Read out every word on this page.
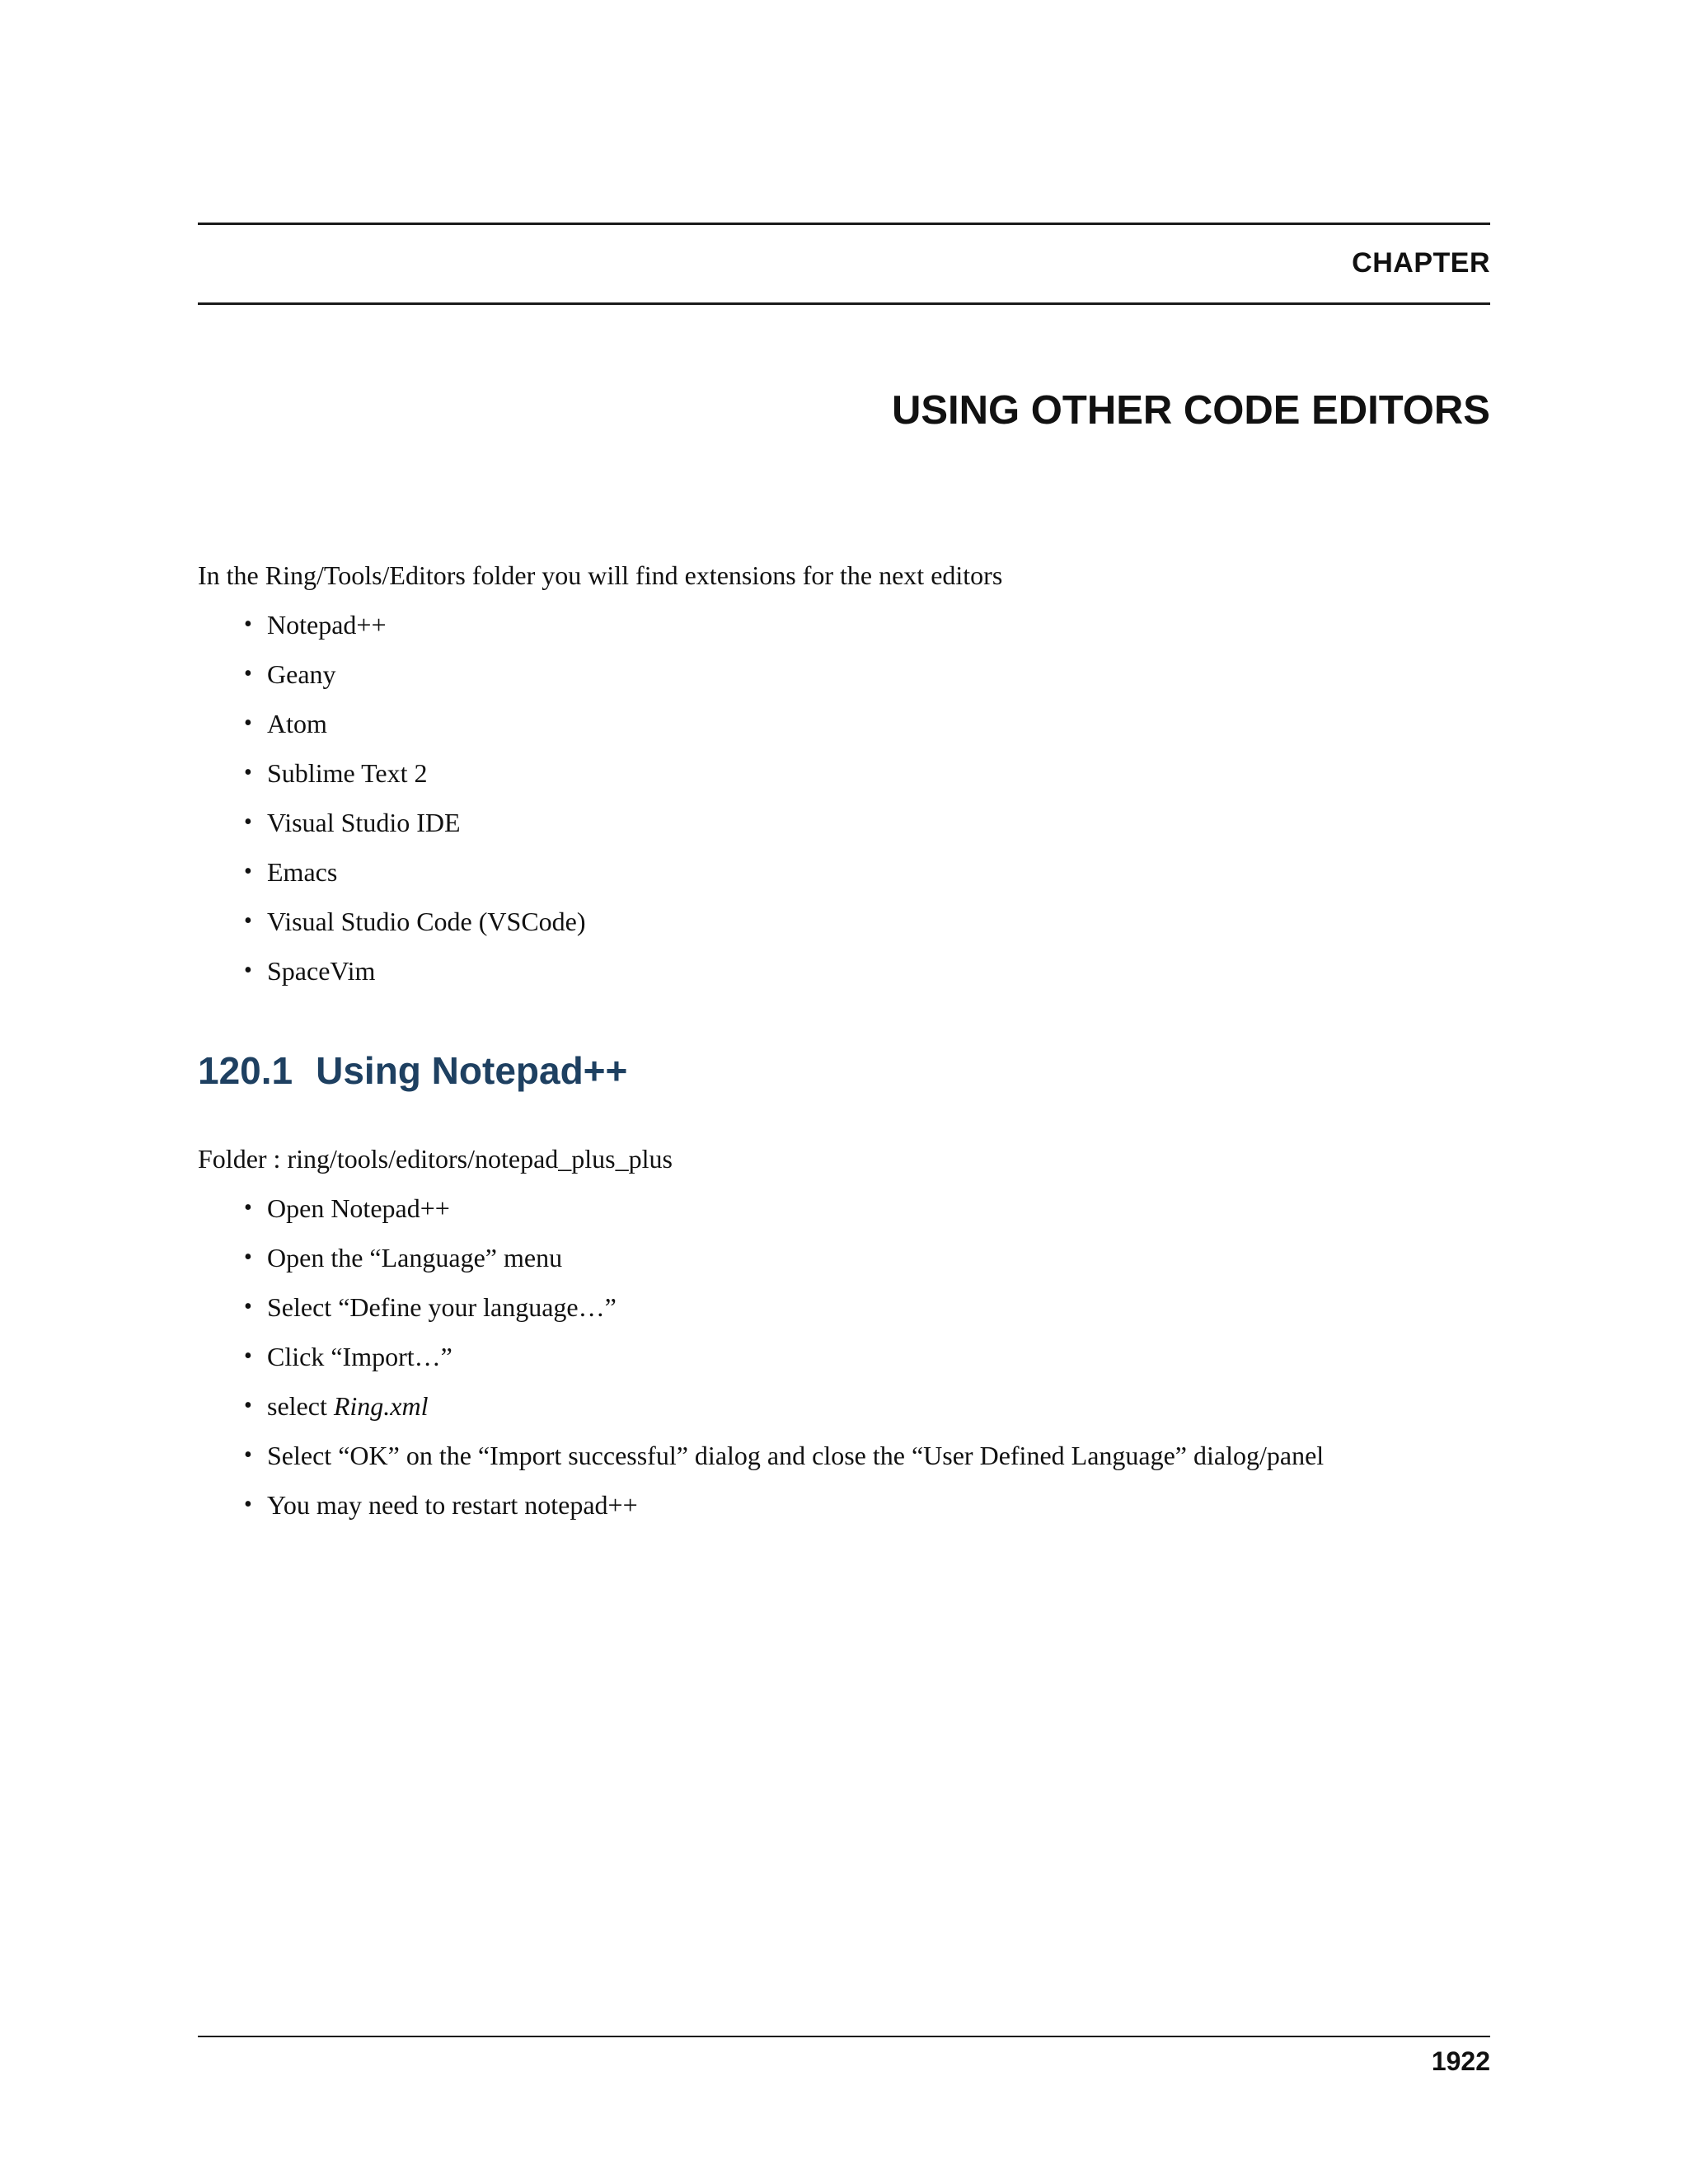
CHAPTER
USING OTHER CODE EDITORS
In the Ring/Tools/Editors folder you will find extensions for the next editors
• Notepad++
• Geany
• Atom
• Sublime Text 2
• Visual Studio IDE
• Emacs
• Visual Studio Code (VSCode)
• SpaceVim
120.1 Using Notepad++
Folder : ring/tools/editors/notepad_plus_plus
• Open Notepad++
• Open the “Language” menu
• Select “Define your language…”
• Click “Import…”
• select Ring.xml
• Select “OK” on the “Import successful” dialog and close the “User Defined Language” dialog/panel
• You may need to restart notepad++
1922
